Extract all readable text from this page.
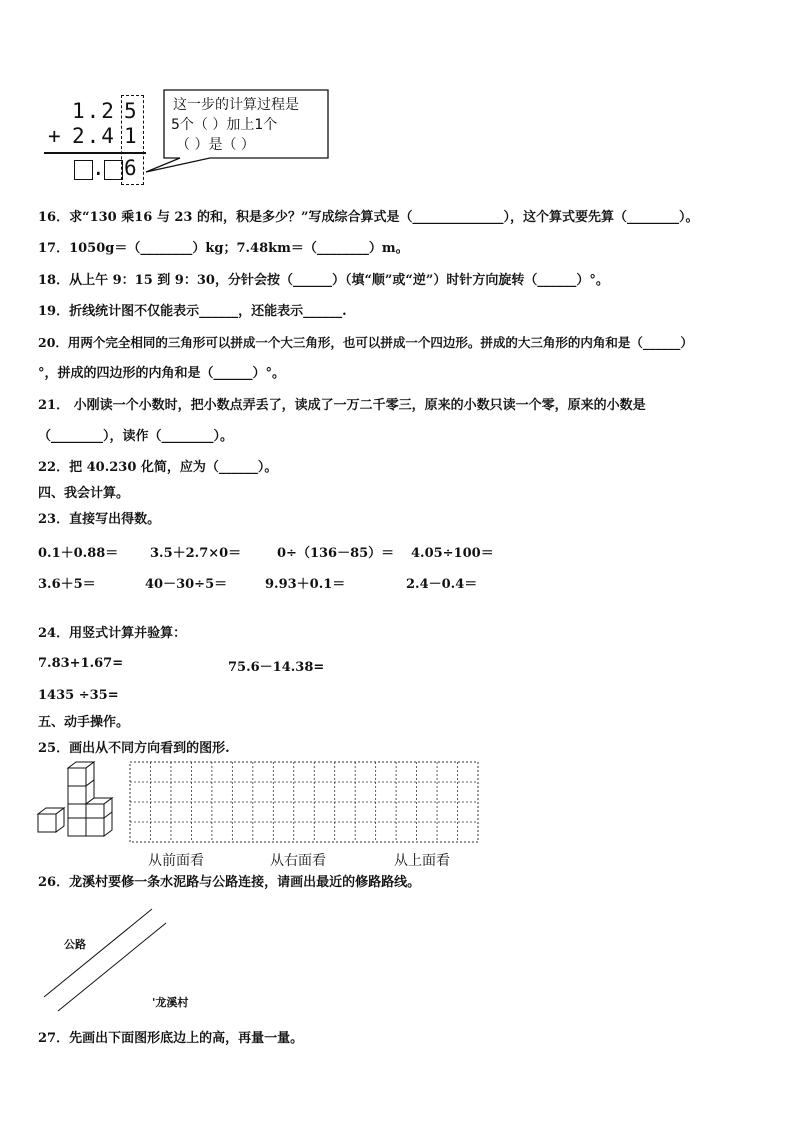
1.2 5
+ 2.4 1
. 6
这一步的计算过程是
5个（ ）加上1个
（ ）是（ ）
16．求“130 乘16 与 23 的和，积是多少？”写成综合算式是（______________），这个算式要先算（________）。
17．1050g＝（________）kg；7.48km＝（________）m。
18．从上午 9：15 到 9：30，分针会按（______）（填“顺”或“逆”）时针方向旋转（______）°。
19．折线统计图不仅能表示______，还能表示______.
20．用两个完全相同的三角形可以拼成一个大三角形，也可以拼成一个四边形。拼成的大三角形的内角和是（______）
°，拼成的四边形的内角和是（______）°。
21． 小刚读一个小数时，把小数点弄丢了，读成了一万二千零三，原来的小数只读一个零，原来的小数是
（________），读作（________）。
22．把 40.230 化简，应为（______）。
四、我会计算。
23．直接写出得数。
0.1＋0.88＝ 3.5＋2.7×0＝	0÷（136－85）＝ 4.05÷100＝
3.6＋5＝	40－30÷5＝	9.93＋0.1＝	2.4－0.4＝
24．用竖式计算并验算：
7.83+1.67=	75.6－14.38=
1435 ÷35=
五、动手操作。
25．画出从不同方向看到的图形.
从前面看	从右面看	从上面看
26．龙溪村要修一条水泥路与公路连接，请画出最近的修路路线。
公路
'龙溪村
27．先画出下面图形底边上的高，再量一量。
